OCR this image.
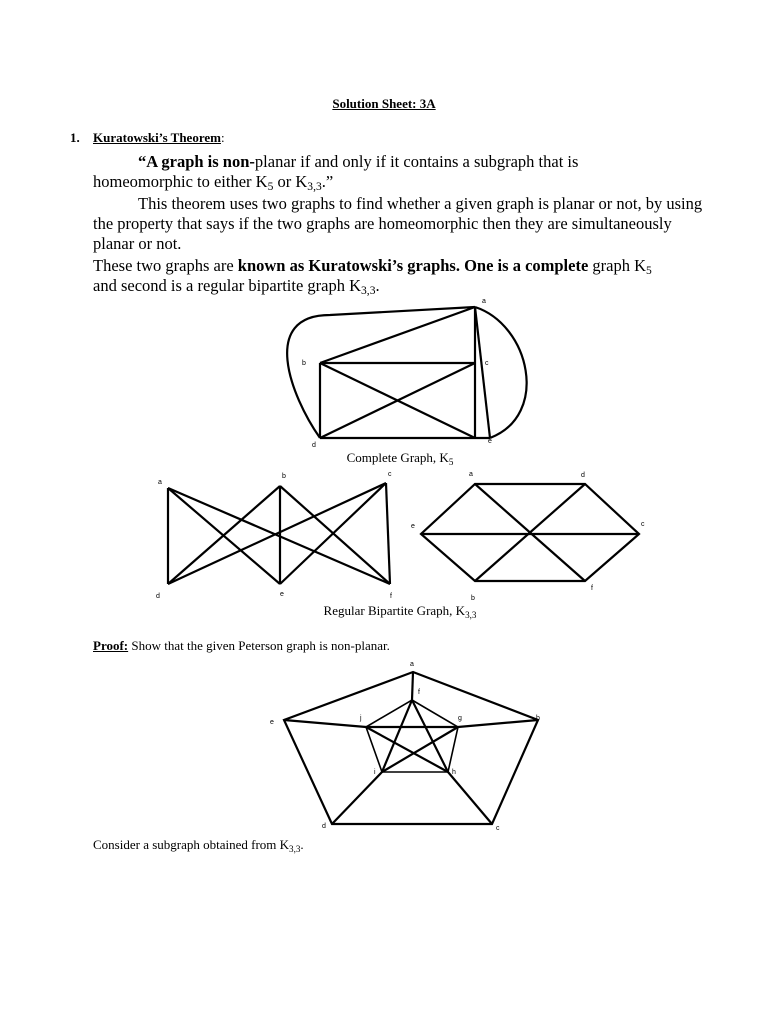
Solution Sheet: 3A
1. Kuratowski’s Theorem:
“A graph is non-planar if and only if it contains a subgraph that is
homeomorphic to either $K_5$ or $K_{3,3}$.”
This theorem uses two graphs to find whether a given graph is planar or not, by using the property that says if the two graphs are homeomorphic then they are simultaneously planar or not.
These two graphs are known as Kuratowski’s graphs. One is a complete graph $K_5$
and second is a regular bipartite graph $K_{3,3}$.
a
b	c
d
e
Complete Graph, $K_5$
a
b	c
d	e	f
a	d
e	c
b
f
Regular Bipartite Graph, $K_{3,3}$
Proof: Show that the given Peterson graph is non-planar.
a
b
c
d
e
f
g
h
i
j
Consider a subgraph obtained from $K_{3,3}$.
